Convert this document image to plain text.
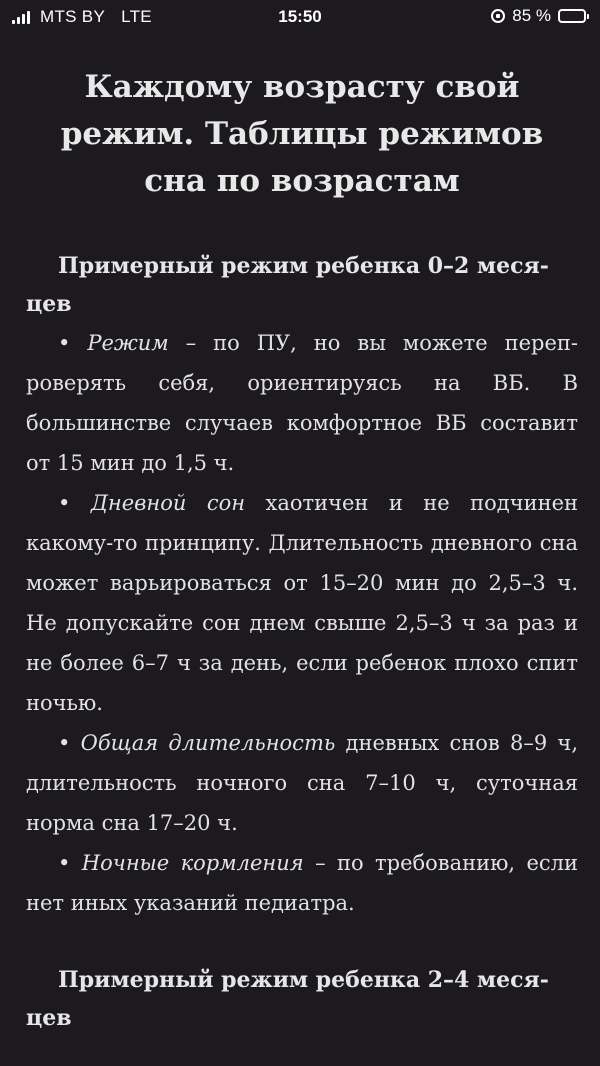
MTS BY LTE	15:50	85 %
Каждому возрасту свой режим. Таблицы режимов сна по возрастам
Примерный режим ребенка 0–2 месяцев

• Режим – по ПУ, но вы можете перепроверять себя, ориентируясь на ВБ. В большинстве случаев комфортное ВБ составит от 15 мин до 1,5 ч.

• Дневной сон хаотичен и не подчинен какому-то принципу. Длительность дневного сна может варьироваться от 15–20 мин до 2,5–3 ч. Не допускайте сон днем свыше 2,5–3 ч за раз и не более 6–7 ч за день, если ребенок плохо спит ночью.

• Общая длительность дневных снов 8–9 ч, длительность ночного сна 7–10 ч, суточная норма сна 17–20 ч.

• Ночные кормления – по требованию, если нет иных указаний педиатра.

Примерный режим ребенка 2–4 месяцев
